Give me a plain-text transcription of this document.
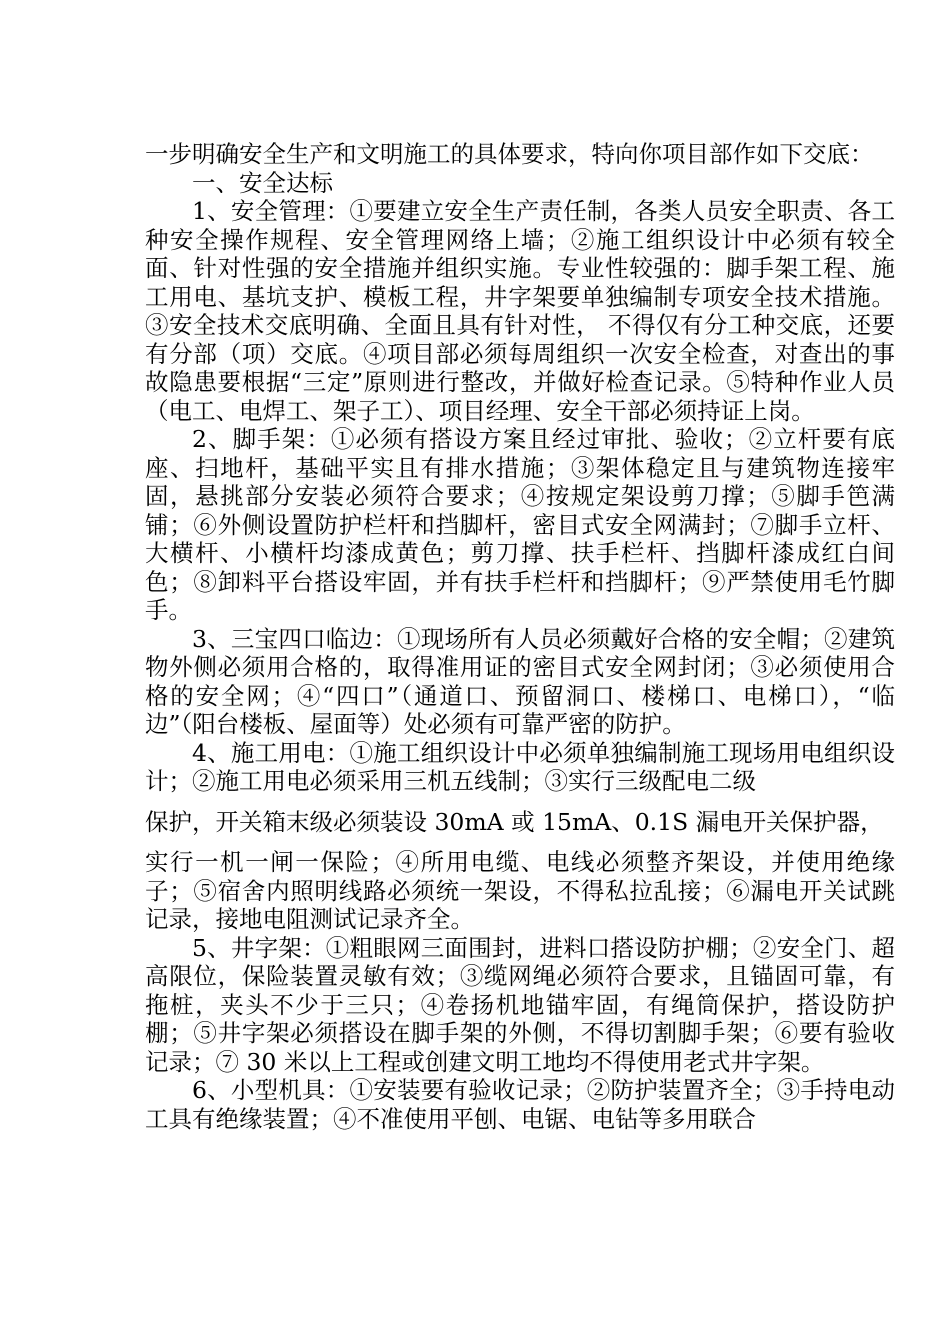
一步明确安全生产和文明施工的具体要求，特向你项目部作如下交底：

一、安全达标

1、安全管理：①要建立安全生产责任制，各类人员安全职责、各工种安全操作规程、安全管理网络上墙；②施工组织设计中必须有较全面、针对性强的安全措施并组织实施。专业性较强的：脚手架工程、施工用电、基坑支护、模板工程，井字架要单独编制专项安全技术措施。③安全技术交底明确、全面且具有针对性， 不得仅有分工种交底，还要有分部（项）交底。④项目部必须每周组织一次安全检查，对查出的事故隐患要根据“三定”原则进行整改，并做好检查记录。⑤特种作业人员（电工、电焊工、架子工）、项目经理、安全干部必须持证上岗。

2、脚手架：①必须有搭设方案且经过审批、验收；②立杆要有底座、扫地杆，基础平实且有排水措施；③架体稳定且与建筑物连接牢固，悬挑部分安装必须符合要求；④按规定架设剪刀撑；⑤脚手笆满铺；⑥外侧设置防护栏杆和挡脚杆，密目式安全网满封；⑦脚手立杆、大横杆、小横杆均漆成黄色；剪刀撑、扶手栏杆、挡脚杆漆成红白间色；⑧卸料平台搭设牢固，并有扶手栏杆和挡脚杆；⑨严禁使用毛竹脚手。

3、三宝四口临边：①现场所有人员必须戴好合格的安全帽；②建筑物外侧必须用合格的，取得准用证的密目式安全网封闭；③必须使用合格的安全网；④“四口”（通道口、预留洞口、楼梯口、电梯口），“临边”（阳台楼板、屋面等）处必须有可靠严密的防护。

4、施工用电：①施工组织设计中必须单独编制施工现场用电组织设计；②施工用电必须采用三机五线制；③实行三级配电二级

保护，开关箱末级必须装设 30mA 或 15mA、0.1S 漏电开关保护器，

实行一机一闸一保险；④所用电缆、电线必须整齐架设，并使用绝缘子；⑤宿舍内照明线路必须统一架设，不得私拉乱接；⑥漏电开关试跳记录，接地电阻测试记录齐全。

5、井字架：①粗眼网三面围封，进料口搭设防护棚；②安全门、超高限位，保险装置灵敏有效；③缆网绳必须符合要求，且锚固可靠，有拖桩，夹头不少于三只；④卷扬机地锚牢固，有绳筒保护，搭设防护棚；⑤井字架必须搭设在脚手架的外侧，不得切割脚手架；⑥要有验收记录；⑦ 30 米以上工程或创建文明工地均不得使用老式井字架。

6、小型机具：①安装要有验收记录；②防护装置齐全；③手持电动工具有绝缘装置；④不准使用平刨、电锯、电钻等多用联合
